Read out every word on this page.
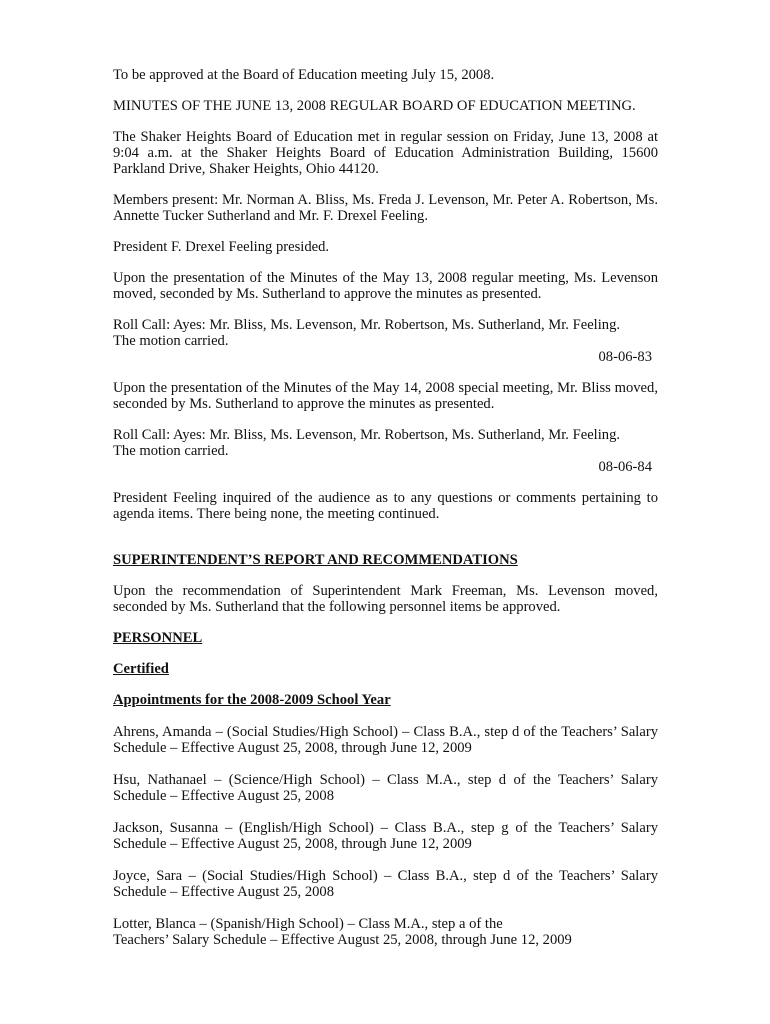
To be approved at the Board of Education meeting July 15, 2008.

MINUTES OF THE JUNE 13, 2008 REGULAR BOARD OF EDUCATION MEETING.

The Shaker Heights Board of Education met in regular session on Friday, June 13, 2008 at 9:04 a.m. at the Shaker Heights Board of Education Administration Building, 15600 Parkland Drive, Shaker Heights, Ohio 44120.

Members present: Mr. Norman A. Bliss, Ms. Freda J. Levenson, Mr. Peter A. Robertson, Ms. Annette Tucker Sutherland and Mr. F. Drexel Feeling.

President F. Drexel Feeling presided.

Upon the presentation of the Minutes of the May 13, 2008 regular meeting, Ms. Levenson moved, seconded by Ms. Sutherland to approve the minutes as presented.

Roll Call: Ayes: Mr. Bliss, Ms. Levenson, Mr. Robertson, Ms. Sutherland, Mr. Feeling.

The motion carried.

08-06-83

Upon the presentation of the Minutes of the May 14, 2008 special meeting, Mr. Bliss moved, seconded by Ms. Sutherland to approve the minutes as presented.

Roll Call: Ayes: Mr. Bliss, Ms. Levenson, Mr. Robertson, Ms. Sutherland, Mr. Feeling.

The motion carried.

08-06-84

President Feeling inquired of the audience as to any questions or comments pertaining to agenda items. There being none, the meeting continued.

SUPERINTENDENT’S REPORT AND RECOMMENDATIONS

Upon the recommendation of Superintendent Mark Freeman, Ms. Levenson moved, seconded by Ms. Sutherland that the following personnel items be approved.

PERSONNEL

Certified

Appointments for the 2008-2009 School Year

Ahrens, Amanda – (Social Studies/High School) – Class B.A., step d of the Teachers’ Salary Schedule – Effective August 25, 2008, through June 12, 2009

Hsu, Nathanael – (Science/High School) – Class M.A., step d of the Teachers’ Salary Schedule – Effective August 25, 2008

Jackson, Susanna – (English/High School) – Class B.A., step g of the Teachers’ Salary Schedule – Effective August 25, 2008, through June 12, 2009

Joyce, Sara – (Social Studies/High School) – Class B.A., step d of the Teachers’ Salary Schedule – Effective August 25, 2008

Lotter, Blanca – (Spanish/High School) – Class M.A., step a of the

Teachers’ Salary Schedule – Effective August 25, 2008, through June 12, 2009
